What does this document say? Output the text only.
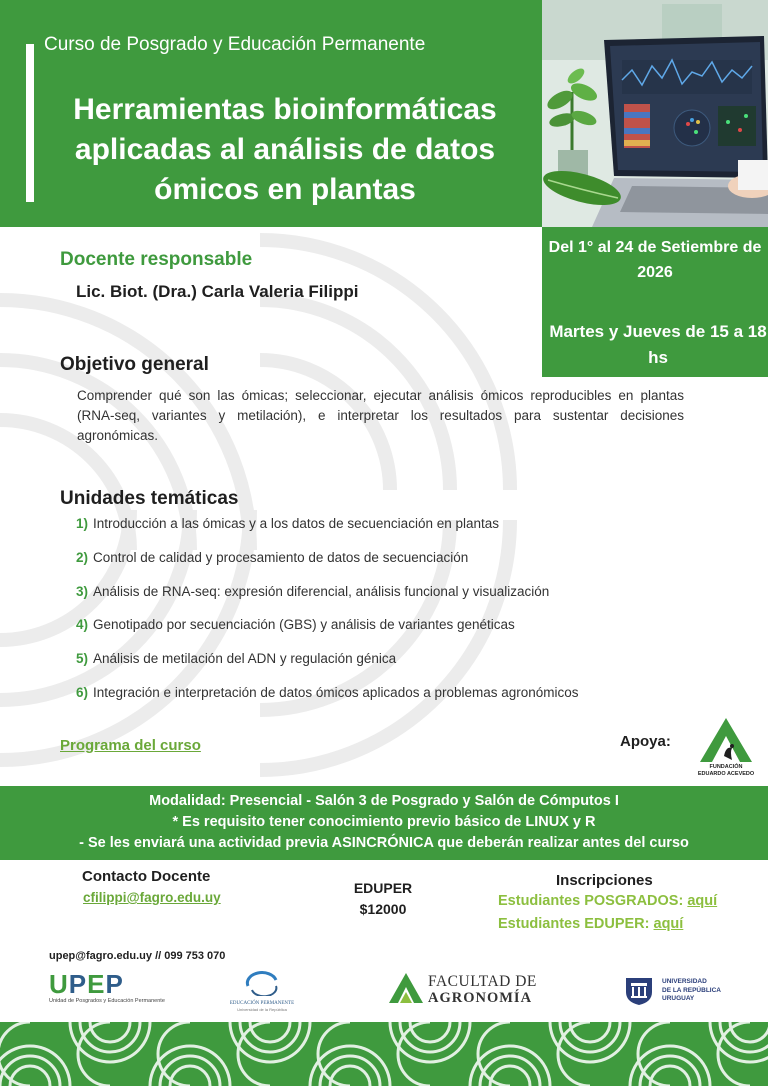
Curso de Posgrado y Educación Permanente
Herramientas bioinformáticas aplicadas al análisis de datos ómicos en plantas
Del 1° al 24 de Setiembre de 2026
Martes y Jueves de 15 a 18 hs
Docente responsable
Lic. Biot. (Dra.) Carla Valeria Filippi
Objetivo general
Comprender qué son las ómicas; seleccionar, ejecutar análisis ómicos reproducibles en plantas (RNA-seq, variantes y metilación), e interpretar los resultados para sustentar decisiones agronómicas.
Unidades temáticas
1) Introducción a las ómicas y a los datos de secuenciación en plantas
2) Control de calidad y procesamiento de datos de secuenciación
3) Análisis de RNA-seq: expresión diferencial, análisis funcional y visualización
4) Genotipado por secuenciación (GBS) y análisis de variantes genéticas
5) Análisis de metilación del ADN y regulación génica
6) Integración e interpretación de datos ómicos aplicados a problemas agronómicos
Programa del curso	Apoya:
FUNDACIÓN
EDUARDO ACEVEDO
Modalidad: Presencial - Salón 3 de Posgrado y Salón de Cómputos I
* Es requisito tener conocimiento previo básico de LINUX y R
- Se les enviará una actividad previa ASINCRÓNICA que deberán realizar antes del curso
Contacto Docente
cfilippi@fagro.edu.uy
EDUPER
$12000
Inscripciones
Estudiantes POSGRADOS: aquí
Estudiantes EDUPER: aquí
upep@fagro.edu.uy // 099 753 070
UPEP
Unidad de Posgrados y Educación Permanente	EDUCACIÓN PERMANENTE
Universidad de la República
FACULTAD DE
AGRONOMÍA
UNIVERSIDAD
DE LA REPÚBLICA
URUGUAY
